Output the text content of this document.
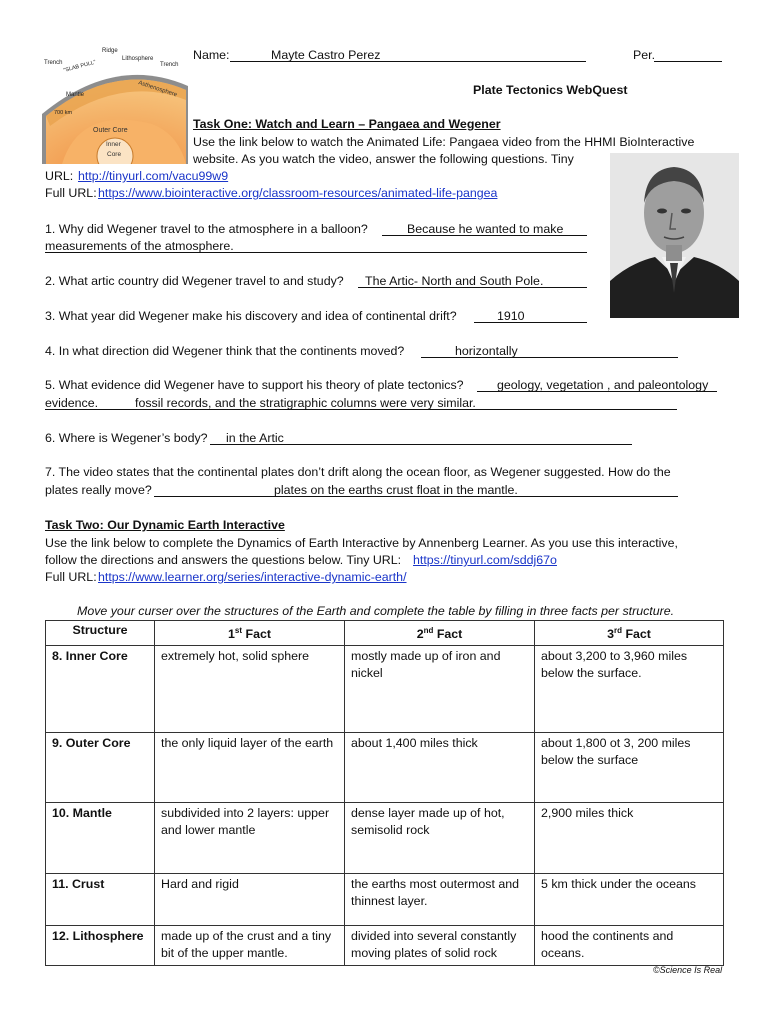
Trench "SLAB PULL"
Ridge
Lithosphere
Trench
Asthenosphere
Mantle
700 km
Outer Core
Inner
Core
Name:	Mayte Castro Perez	Per.
Plate Tectonics WebQuest
Task One: Watch and Learn – Pangaea and Wegener
Use the link below to watch the Animated Life: Pangaea video from the HHMI BioInteractive
website. As you watch the video, answer the following questions. Tiny
URL: http://tinyurl.com/vacu99w9
Full URL: https://www.biointeractive.org/classroom-resources/animated-life-pangea
1. Why did Wegener travel to the atmosphere in a balloon?	Because he wanted to make
measurements of the atmosphere.
2. What artic country did Wegener travel to and study? The Artic- North and South Pole.
3. What year did Wegener make his discovery and idea of continental drift?	1910
4. In what direction did Wegener think that the continents moved?	horizontally
5. What evidence did Wegener have to support his theory of plate tectonics?	geology, vegetation , and paleontology
evidence.	fossil records, and the stratigraphic columns were very similar.
6. Where is Wegener’s body? in the Artic
7. The video states that the continental plates don’t drift along the ocean floor, as Wegener suggested. How do the
plates really move?	plates on the earths crust float in the mantle.
Task Two: Our Dynamic Earth Interactive
Use the link below to complete the Dynamics of Earth Interactive by Annenberg Learner. As you use this interactive,
follow the directions and answers the questions below. Tiny URL: https://tinyurl.com/sddj67o
Full URL: https://www.learner.org/series/interactive-dynamic-earth/
Move your curser over the structures of the Earth and complete the table by filling in three facts per structure.
Structure	1st Fact	2nd Fact	3rd Fact
8. Inner Core	extremely hot, solid sphere	mostly made up of iron and nickel	about 3,200 to 3,960 miles below the surface.
9. Outer Core	the only liquid layer of the earth	about 1,400 miles thick	about 1,800 ot 3, 200 miles below the surface
10. Mantle	subdivided into 2 layers: upper and lower mantle	dense layer made up of hot, semisolid rock	2,900 miles thick
11. Crust	Hard and rigid	the earths most outermost and thinnest layer.	5 km thick under the oceans
12. Lithosphere	made up of the crust and a tiny bit of the upper mantle.	divided into several constantly moving plates of solid rock	hood the continents and oceans.
©Science Is Real
